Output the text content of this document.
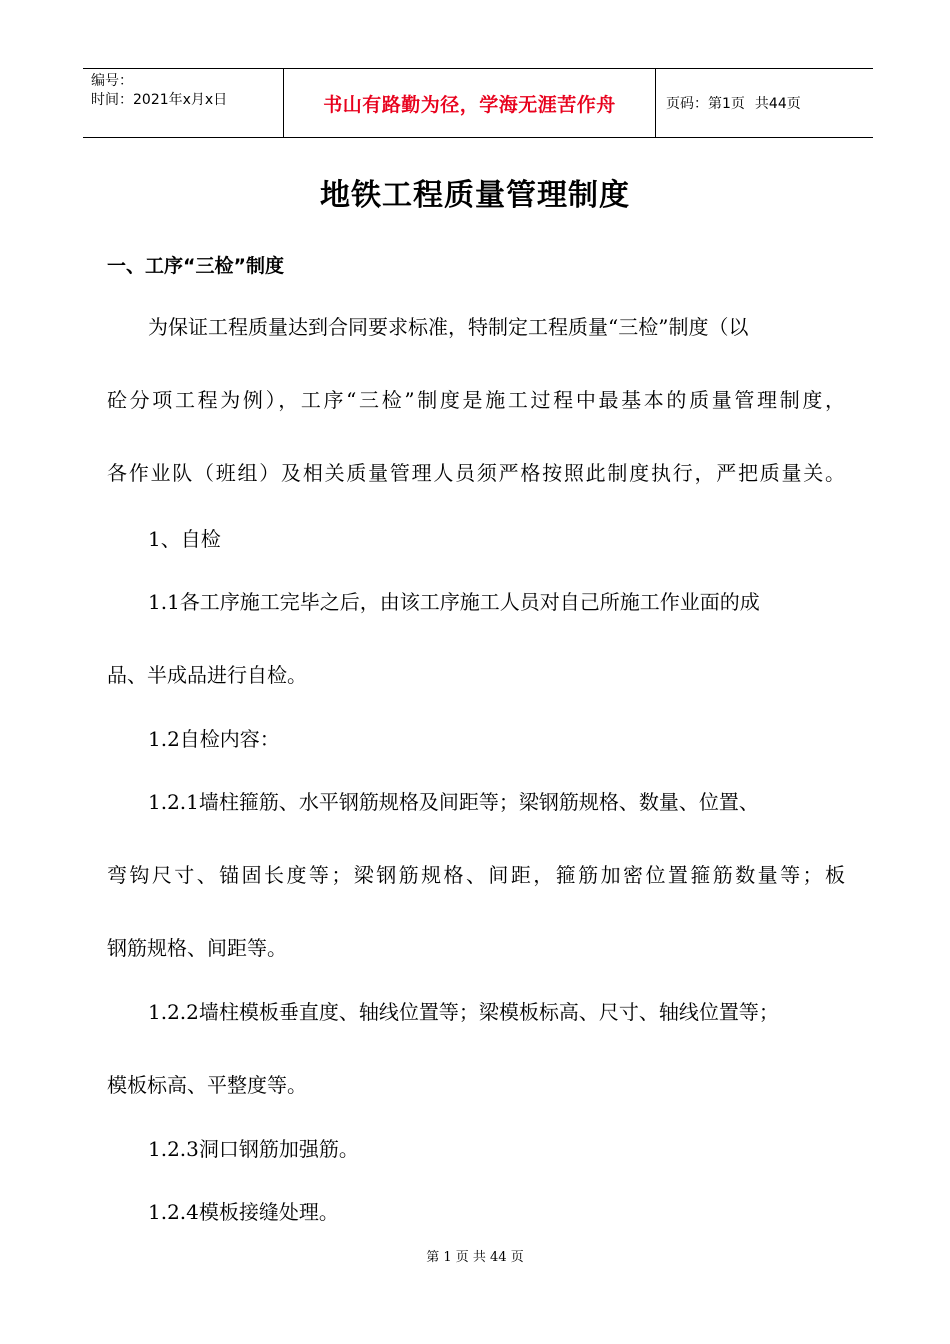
编号：
时间：2021年x月x日	书山有路勤为径，学海无涯苦作舟	页码：第1页 共44页
地铁工程质量管理制度
一、工序“三检”制度
为保证工程质量达到合同要求标准，特制定工程质量“三检”制度（以
砼分项工程为例），工序“三检”制度是施工过程中最基本的质量管理制度，
各作业队（班组）及相关质量管理人员须严格按照此制度执行，严把质量关。
1、自检
1.1各工序施工完毕之后，由该工序施工人员对自己所施工作业面的成
品、半成品进行自检。
1.2自检内容：
1.2.1墙柱箍筋、水平钢筋规格及间距等；梁钢筋规格、数量、位置、
弯钩尺寸、锚固长度等；梁钢筋规格、间距，箍筋加密位置箍筋数量等；板
钢筋规格、间距等。
1.2.2墙柱模板垂直度、轴线位置等；梁模板标高、尺寸、轴线位置等；
模板标高、平整度等。
1.2.3洞口钢筋加强筋。
1.2.4模板接缝处理。
第 1 页 共 44 页
